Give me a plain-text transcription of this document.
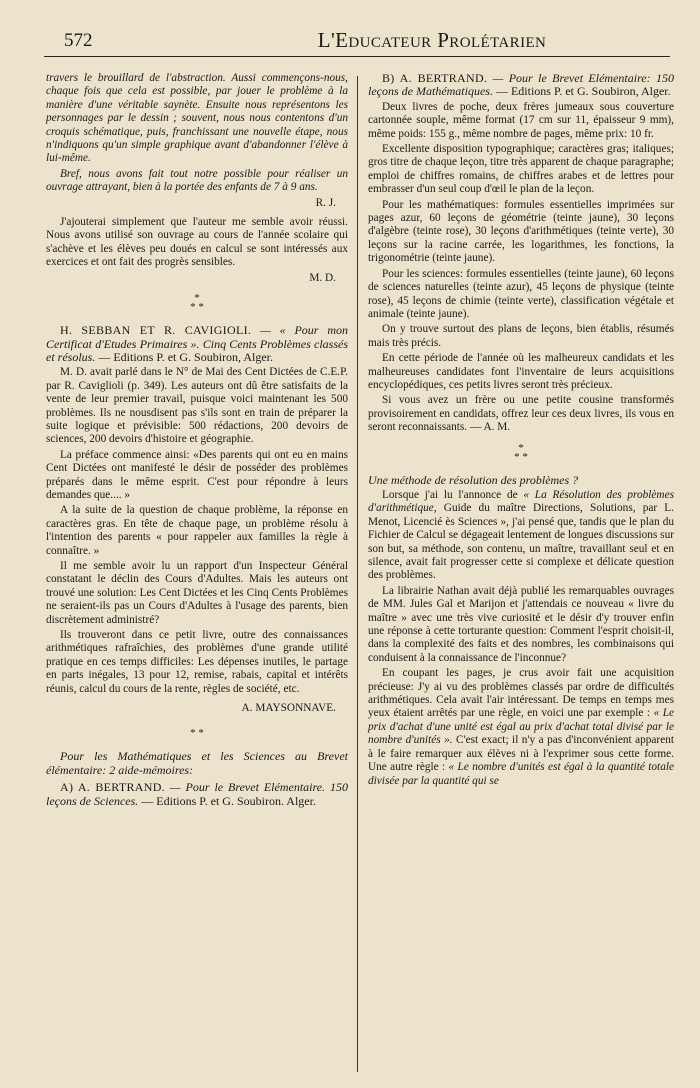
572	L'Educateur Prolétarien

travers le brouillard de l'abstraction. Aussi commençons-nous, chaque fois que cela est possible, par jouer le problème à la manière d'une véritable saynète. Ensuite nous représentons les personnages par le dessin ; souvent, nous nous contentons d'un croquis schématique, puis, franchissant une nouvelle étape, nous n'indiquons qu'un simple graphique avant d'abandonner l'élève à lui-même.

Bref, nous avons fait tout notre possible pour réaliser un ouvrage attrayant, bien à la portée des enfants de 7 à 9 ans.

R. J.

J'ajouterai simplement que l'auteur me semble avoir réussi. Nous avons utilisé son ouvrage au cours de l'année scolaire qui s'achève et les élèves peu doués en calcul se sont intéressés aux exercices et ont fait des progrès sensibles.

M. D.

*
* *

H. SEBBAN ET R. CAVIGIOLI. — « Pour mon Certificat d'Etudes Primaires ». Cinq Cents Problèmes classés et résolus. — Editions P. et G. Soubiron, Alger.

M. D. avait parlé dans le N° de Mai des Cent Dictées de C.E.P. par R. Caviglioli (p. 349). Les auteurs ont dû être satisfaits de la vente de leur premier travail, puisque voici maintenant les 500 problèmes. Ils ne nousdisent pas s'ils sont en train de préparer la suite logique et prévisible: 500 rédactions, 200 devoirs de sciences, 200 devoirs d'histoire et géographie.

La préface commence ainsi: «Des parents qui ont eu en mains Cent Dictées ont manifesté le désir de posséder des problèmes préparés dans le même esprit. C'est pour répondre à leurs demandes que.... »

A la suite de la question de chaque problème, la réponse en caractères gras. En tête de chaque page, un problème résolu à l'intention des parents « pour rappeler aux familles la règle à connaître. »

Il me semble avoir lu un rapport d'un Inspecteur Général constatant le déclin des Cours d'Adultes. Mais les auteurs ont trouvé une solution: Les Cent Dictées et les Cinq Cents Problèmes ne seraient-ils pas un Cours d'Adultes à l'usage des parents, bien discrètement administré?

Ils trouveront dans ce petit livre, outre des connaissances arithmétiques rafraîchies, des problèmes d'une grande utilité pratique en ces temps difficiles: Les dépenses inutiles, le partage en parts inégales, 13 pour 12, remise, rabais, capital et intérêts réunis, calcul du cours de la rente, règles de société, etc.

A. MAYSONNAVE.

* *

Pour les Mathématiques et les Sciences au Brevet élémentaire: 2 aide-mémoires:

A) A. BERTRAND. — Pour le Brevet Elémentaire. 150 leçons de Sciences. — Editions P. et G. Soubiron. Alger.

B) A. BERTRAND. — Pour le Brevet Elémentaire: 150 leçons de Mathématiques. — Editions P. et G. Soubiron, Alger.

Deux livres de poche, deux frères jumeaux sous couverture cartonnée souple, même format (17 cm sur 11, épaisseur 9 mm), même poids: 155 g., même nombre de pages, même prix: 10 fr.

Excellente disposition typographique; caractères gras; italiques; gros titre de chaque leçon, titre très apparent de chaque paragraphe; emploi de chiffres romains, de chiffres arabes et de lettres pour embrasser d'un seul coup d'œil le plan de la leçon.

Pour les mathématiques: formules essentielles imprimées sur pages azur, 60 leçons de géométrie (teinte jaune), 30 leçons d'algèbre (teinte rose), 30 leçons d'arithmétiques (teinte verte), 30 leçons sur la racine carrée, les logarithmes, les fonctions, la trigonométrie (teinte jaune).

Pour les sciences: formules essentielles (teinte jaune), 60 leçons de sciences naturelles (teinte azur), 45 leçons de physique (teinte rose), 45 leçons de chimie (teinte verte), classification végétale et animale (teinte jaune).

On y trouve surtout des plans de leçons, bien établis, résumés mais très précis.

En cette période de l'année où les malheureux candidats et les malheureuses candidates font l'inventaire de leurs acquisitions encyclopédiques, ces petits livres seront très précieux.

Si vous avez un frère ou une petite cousine transformés provisoirement en candidats, offrez leur ces deux livres, ils vous en seront reconnaissants. — A. M.

*
* *

Une méthode de résolution des problèmes ?

Lorsque j'ai lu l'annonce de « La Résolution des problèmes d'arithmétique, Guide du maître Directions, Solutions, par L. Menot, Licencié ès Sciences », j'ai pensé que, tandis que le plan du Fichier de Calcul se dégageait lentement de longues discussions sur son but, sa méthode, son contenu, un maître, travaillant seul et en silence, avait fait progresser cette si complexe et délicate question des problèmes.

La librairie Nathan avait déjà publié les remarquables ouvrages de MM. Jules Gal et Marijon et j'attendais ce nouveau « livre du maître » avec une très vive curiosité et le désir d'y trouver enfin une réponse à cette torturante question: Comment l'esprit choisit-il, dans la complexité des faits et des nombres, les combinaisons qui conduisent à la connaissance de l'inconnue?

En coupant les pages, je crus avoir fait une acquisition précieuse: J'y ai vu des problèmes classés par ordre de difficultés arithmétiques. Cela avait l'air intéressant. De temps en temps mes yeux étaient arrêtés par une règle, en voici une par exemple : « Le prix d'achat d'une unité est égal au prix d'achat total divisé par le nombre d'unités ». C'est exact; il n'y a pas d'inconvénient apparent à le faire remarquer aux élèves ni à l'exprimer sous cette forme. Une autre règle : « Le nombre d'unités est égal à la quantité totale divisée par la quantité qui se
